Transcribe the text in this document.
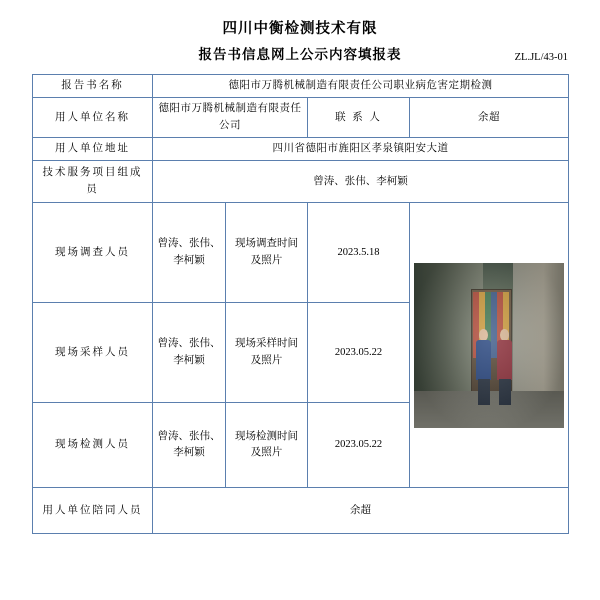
四川中衡检测技术有限
报告书信息网上公示内容填报表	ZL.JL/43-01
报告书名称	德阳市万腾机械制造有限责任公司职业病危害定期检测			
用人单位名称	德阳市万腾机械制造有限责任公司		联 系 人	余超
用人单位地址	四川省德阳市旌阳区孝泉镇阳安大道			
技术服务项目组成员	曾涛、张伟、李柯颖			
现场调查人员	曾涛、张伟、李柯颖	现场调查时间及照片	2023.5.18	

现场采样人员	曾涛、张伟、李柯颖	现场采样时间及照片	2023.05.22	
现场检测人员	曾涛、张伟、李柯颖	现场检测时间及照片	2023.05.22	
用人单位陪同人员	余超			
